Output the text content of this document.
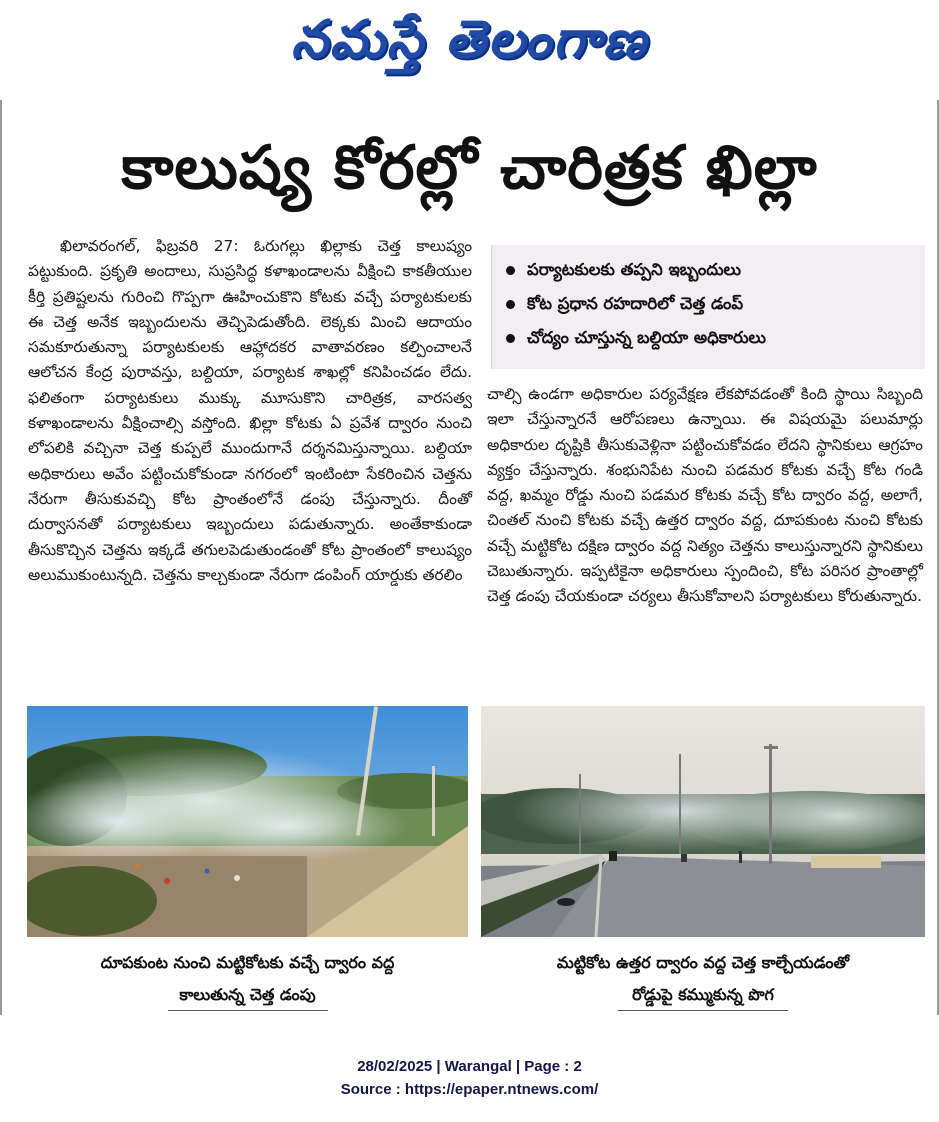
నమస్తే తెలంగాణ
కాలుష్య కోరల్లో చారిత్రక ఖిల్లా

ఖిలావరంగల్, ఫిబ్రవరి 27: ఓరుగల్లు ఖిల్లాకు చెత్త కాలుష్యం పట్టుకుంది. ప్రకృతి అందాలు, సుప్రసిద్ధ కళాఖండాలను వీక్షించి కాకతీయుల కీర్తి ప్రతిష్టలను గురించి గొప్పగా ఊహించుకొని కోటకు వచ్చే పర్యాటకులకు ఈ చెత్త అనేక ఇబ్బందులను తెచ్చిపెడుతోంది. లెక్కకు మించి ఆదాయం సమకూరుతున్నా పర్యాటకులకు ఆహ్లాదకర వాతావరణం కల్పించాలనే ఆలోచన కేంద్ర పురావస్తు, బల్దియా, పర్యాటక శాఖల్లో కనిపించడం లేదు. ఫలితంగా పర్యాటకులు ముక్కు మూసుకొని చారిత్రక, వారసత్వ కళాఖండాలను వీక్షించాల్సి వస్తోంది. ఖిల్లా కోటకు ఏ ప్రవేశ ద్వారం నుంచి లోపలికి వచ్చినా చెత్త కుప్పలే ముందుగానే దర్శనమిస్తున్నాయి. బల్దియా అధికారులు అవేం పట్టించుకోకుండా నగరంలో ఇంటింటా సేకరించిన చెత్తను నేరుగా తీసుకువచ్చి కోట ప్రాంతంలోనే డంపు చేస్తున్నారు. దీంతో దుర్వాసనతో పర్యాటకులు ఇబ్బందులు పడుతున్నారు. అంతేకాకుండా తీసుకొచ్చిన చెత్తను ఇక్కడే తగులపెడుతుండంతో కోట ప్రాంతంలో కాలుష్యం అలుముకుంటున్నది. చెత్తను కాల్చకుండా నేరుగా డంపింగ్ యార్డుకు తరలిం

పర్యాటకులకు తప్పని ఇబ్బందులు
కోట ప్రధాన రహదారిలో చెత్త డంప్
చోద్యం చూస్తున్న బల్దియా అధికారులు

చాల్సి ఉండగా అధికారుల పర్యవేక్షణ లేకపోవడంతో కింది స్థాయి సిబ్బంది ఇలా చేస్తున్నారనే ఆరోపణలు ఉన్నాయి. ఈ విషయమై పలుమార్లు అధికారుల దృష్టికి తీసుకువెళ్లినా పట్టించుకోవడం లేదని స్థానికులు ఆగ్రహం వ్యక్తం చేస్తున్నారు. శంభునిపేట నుంచి పడమర కోటకు వచ్చే కోట గండి వద్ద, ఖమ్మం రోడ్డు నుంచి పడమర కోటకు వచ్చే కోట ద్వారం వద్ద, అలాగే, చింతల్ నుంచి కోటకు వచ్చే ఉత్తర ద్వారం వద్ద, దూపకుంట నుంచి కోటకు వచ్చే మట్టికోట దక్షిణ ద్వారం వద్ద నిత్యం చెత్తను కాలుస్తున్నారని స్థానికులు చెబుతున్నారు. ఇప్పటికైనా అధికారులు స్పందించి, కోట పరిసర ప్రాంతాల్లో చెత్త డంపు చేయకుండా చర్యలు తీసుకోవాలని పర్యాటకులు కోరుతున్నారు.

దూపకుంట నుంచి మట్టికోటకు వచ్చే ద్వారం వద్ద
కాలుతున్న చెత్త డంపు
మట్టికోట ఉత్తర ద్వారం వద్ద చెత్త కాల్చేయడంతో
రోడ్డుపై కమ్ముకున్న పొగ
28/02/2025 | Warangal | Page : 2
Source : https://epaper.ntnews.com/
